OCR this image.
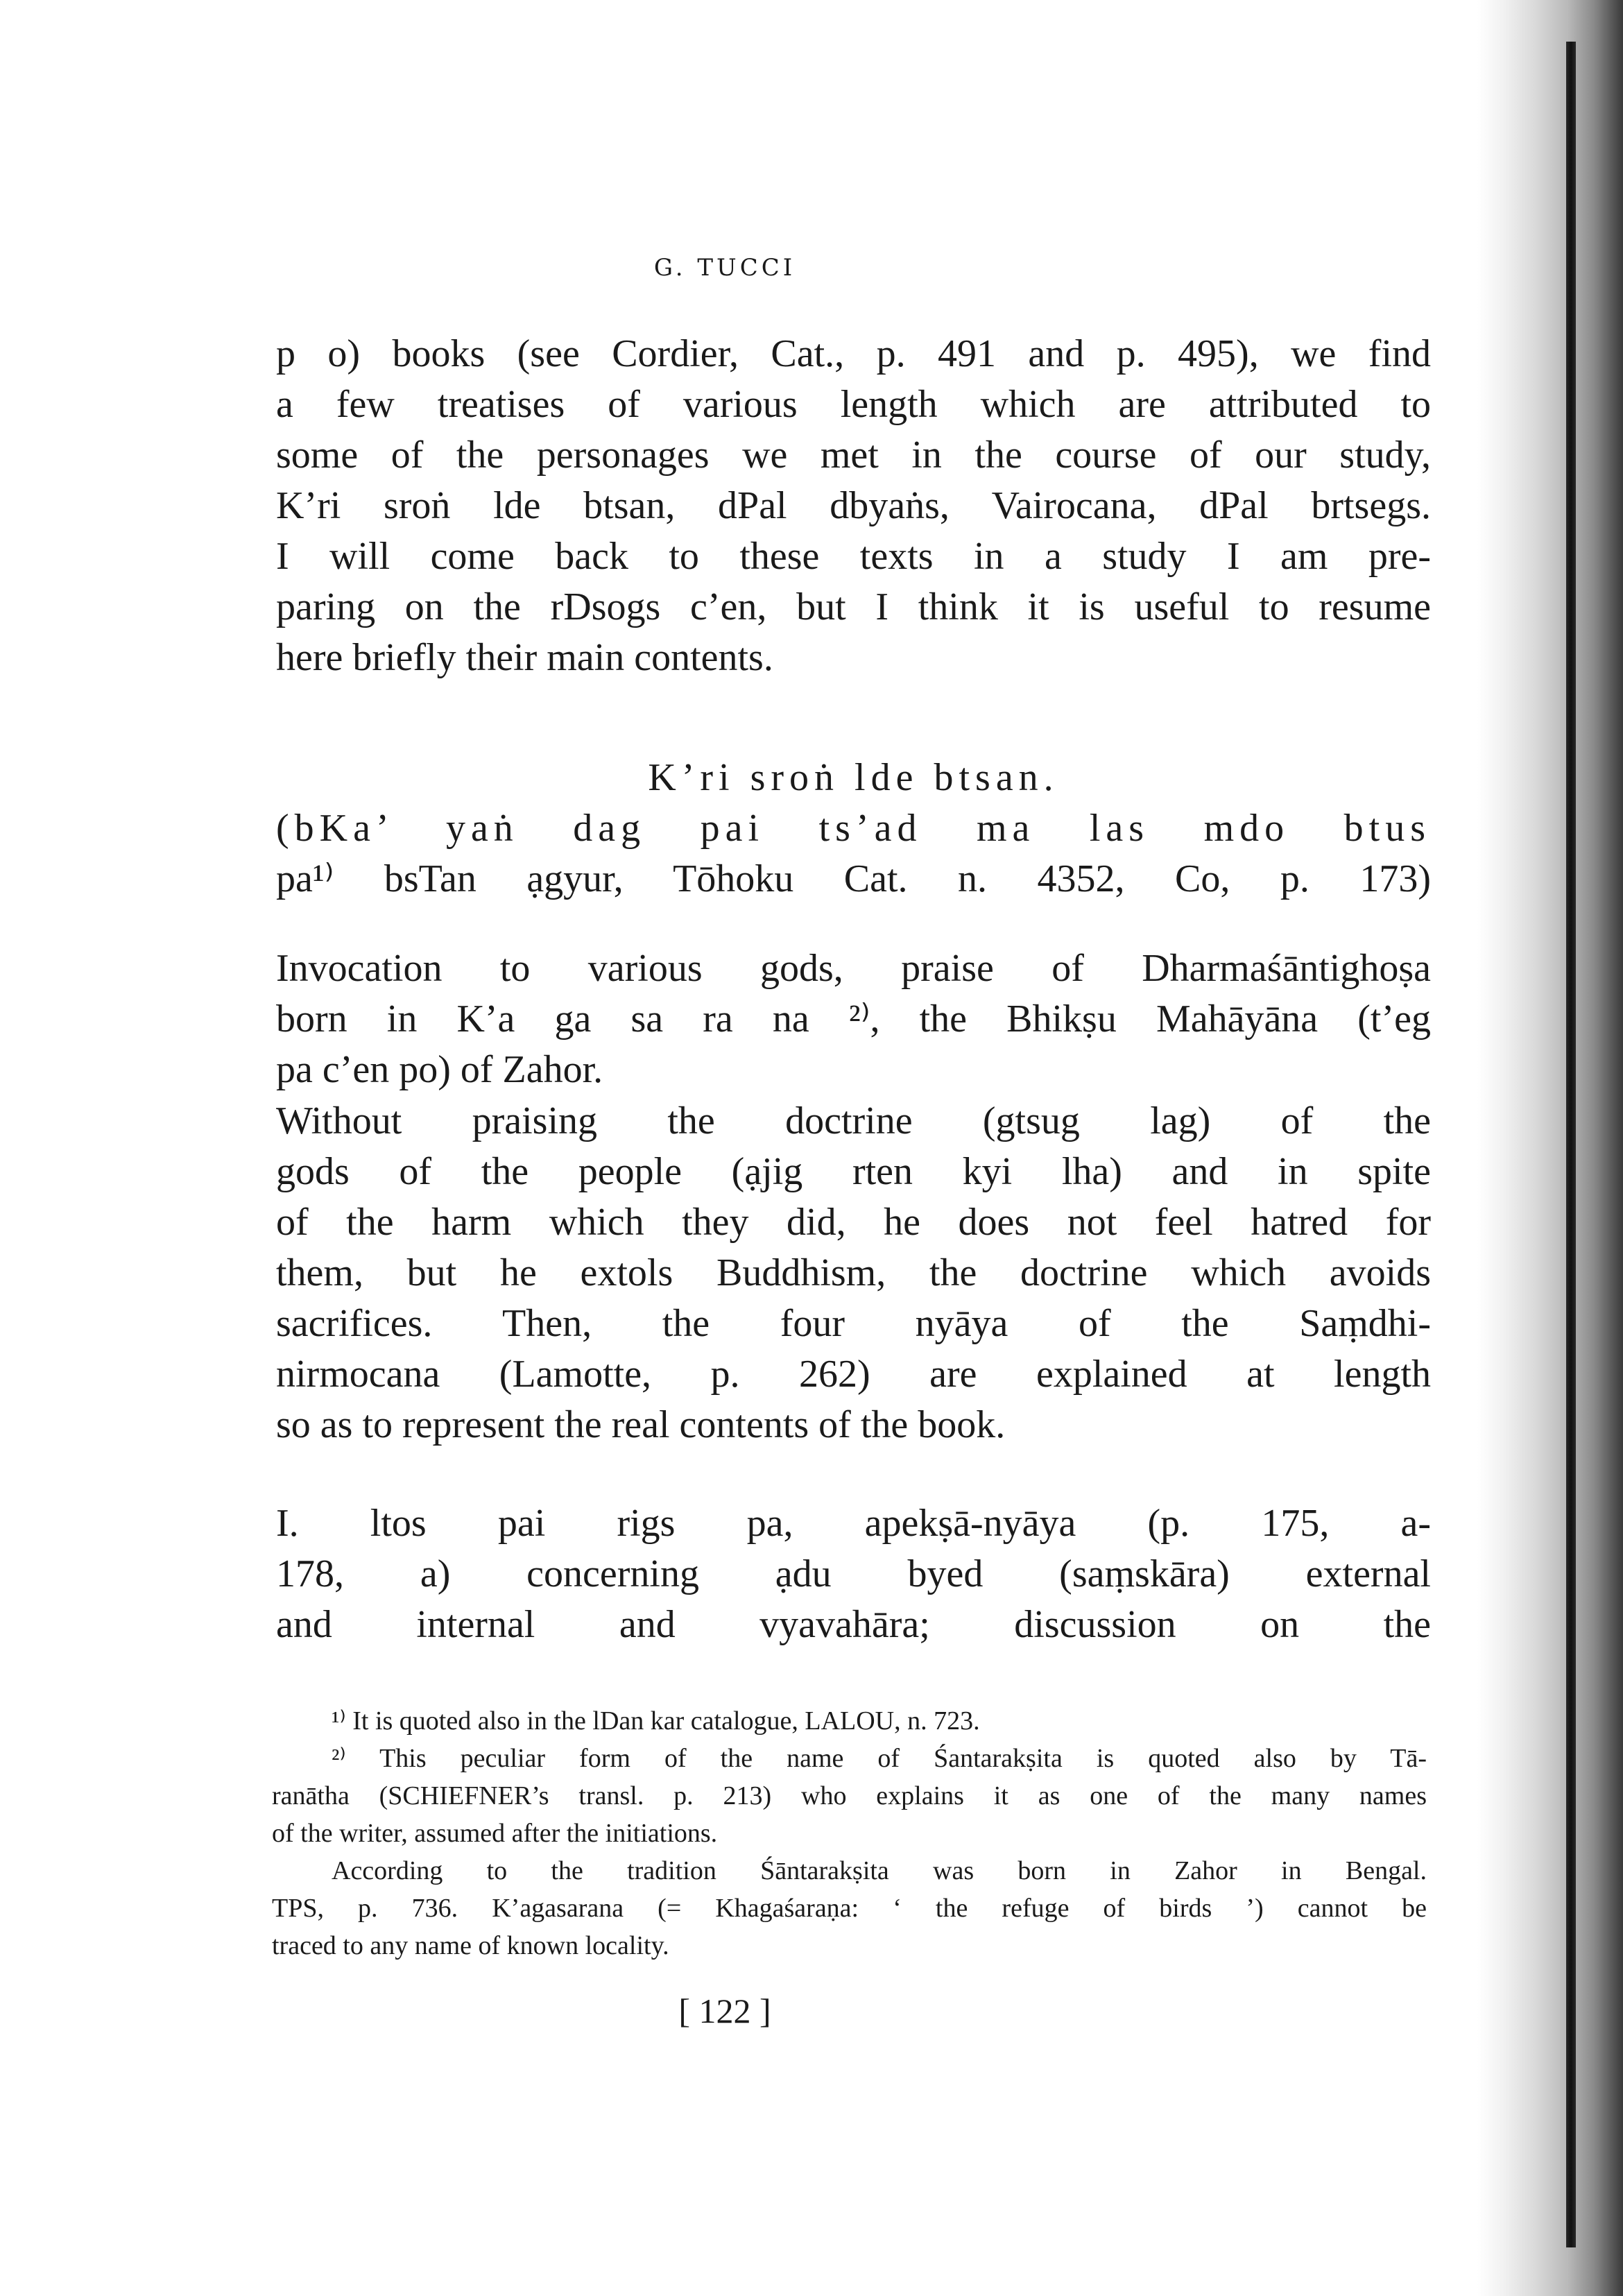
G. TUCCI
p o) books (see Cordier, Cat., p. 491 and p. 495), we find
a few treatises of various length which are attributed to
some of the personages we met in the course of our study,
K’ri sroṅ lde btsan, dPal dbyaṅs, Vairocana, dPal brtsegs.
I will come back to these texts in a study I am pre-
paring on the rDsogs c’en, but I think it is useful to resume
here briefly their main contents.
K’ri sroṅ lde btsan.
(bKa’ yaṅ dag pai ts’ad ma las mdo btus
pa¹⁾ bsTan ạgyur, Tōhoku Cat. n. 4352, Co, p. 173)
Invocation to various gods, praise of Dharmaśāntighoṣa
born in K’a ga sa ra na ²⁾, the Bhikṣu Mahāyāna (t’eg
pa c’en po) of Zahor.
Without praising the doctrine (gtsug lag) of the
gods of the people (ạjig rten kyi lha) and in spite
of the harm which they did, he does not feel hatred for
them, but he extols Buddhism, the doctrine which avoids
sacrifices. Then, the four nyāya of the Saṃdhi-
nirmocana (Lamotte, p. 262) are explained at length
so as to represent the real contents of the book.
I. ltos pai rigs pa, apekṣā-nyāya (p. 175, a-
178, a) concerning ạdu byed (saṃskāra) external
and internal and vyavahāra; discussion on the
¹⁾ It is quoted also in the lDan kar catalogue, LALOU, n. 723.
²⁾ This peculiar form of the name of Śantarakṣita is quoted also by Tā-
ranātha (SCHIEFNER’s transl. p. 213) who explains it as one of the many names
of the writer, assumed after the initiations.
According to the tradition Śāntarakṣita was born in Zahor in Bengal.
TPS, p. 736. K’agasarana (= Khagaśaraṇa: ‘ the refuge of birds ’) cannot be
traced to any name of known locality.
[ 122 ]
